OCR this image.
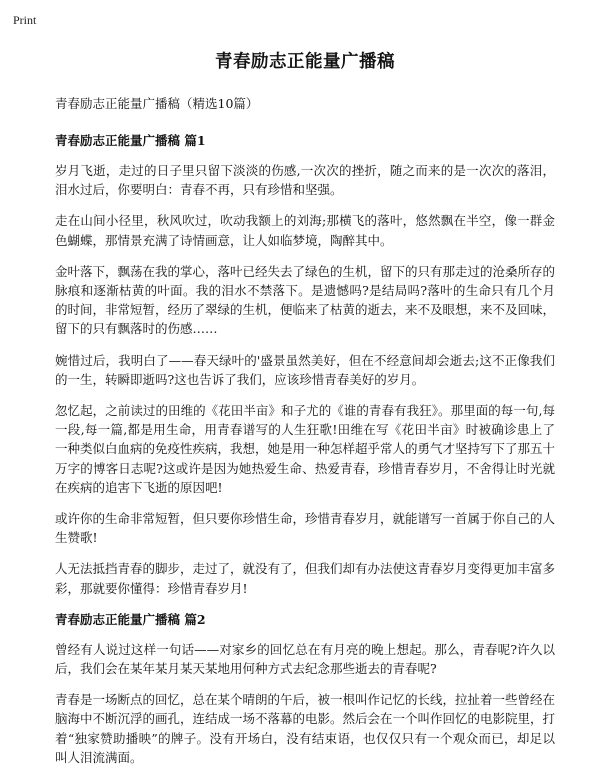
Print
青春励志正能量广播稿

青春励志正能量广播稿（精选10篇）

青春励志正能量广播稿 篇1

岁月飞逝，走过的日子里只留下淡淡的伤感,一次次的挫折，随之而来的是一次次的落泪，泪水过后，你要明白：青春不再，只有珍惜和坚强。

走在山间小径里，秋风吹过，吹动我额上的刘海;那横飞的落叶，悠然飘在半空，像一群金色蝴蝶，那情景充满了诗情画意，让人如临梦境，陶醉其中。

金叶落下，飘荡在我的掌心，落叶已经失去了绿色的生机，留下的只有那走过的沧桑所存的脉痕和逐渐枯黄的叶面。我的泪水不禁落下。是遗憾吗?是结局吗?落叶的生命只有几个月的时间，非常短暂，经历了翠绿的生机，便临来了枯黄的逝去，来不及眼想，来不及回味，留下的只有飘落时的伤感……

婉惜过后，我明白了——春天绿叶的'盛景虽然美好，但在不经意间却会逝去;这不正像我们的一生，转瞬即逝吗?这也告诉了我们，应该珍惜青春美好的岁月。

忽忆起，之前读过的田维的《花田半亩》和子尤的《谁的青春有我狂》。那里面的每一句,每一段,每一篇,都是用生命，用青春谱写的人生狂歌!田维在写《花田半亩》时被确诊患上了一种类似白血病的免疫性疾病，我想，她是用一种怎样超乎常人的勇气才坚持写下了那五十万字的博客日志呢?这或许是因为她热爱生命、热爱青春，珍惜青春岁月，不舍得让时光就在疾病的追害下飞逝的原因吧!

或许你的生命非常短暂，但只要你珍惜生命，珍惜青春岁月，就能谱写一首属于你自己的人生赞歌!

人无法抵挡青春的脚步，走过了，就没有了，但我们却有办法使这青春岁月变得更加丰富多彩，那就要你懂得：珍惜青春岁月!

青春励志正能量广播稿 篇2

曾经有人说过这样一句话——对家乡的回忆总在有月亮的晚上想起。那么，青春呢?许久以后，我们会在某年某月某天某地用何种方式去纪念那些逝去的青春呢?

青春是一场断点的回忆，总在某个晴朗的午后，被一根叫作记忆的长线，拉扯着一些曾经在脑海中不断沉浮的画孔，连结成一场不落幕的电影。然后会在一个叫作回忆的电影院里，打着“独家赞助播映”的牌子。没有开场白，没有结束语，也仅仅只有一个观众而已，却足以叫人泪流满面。
